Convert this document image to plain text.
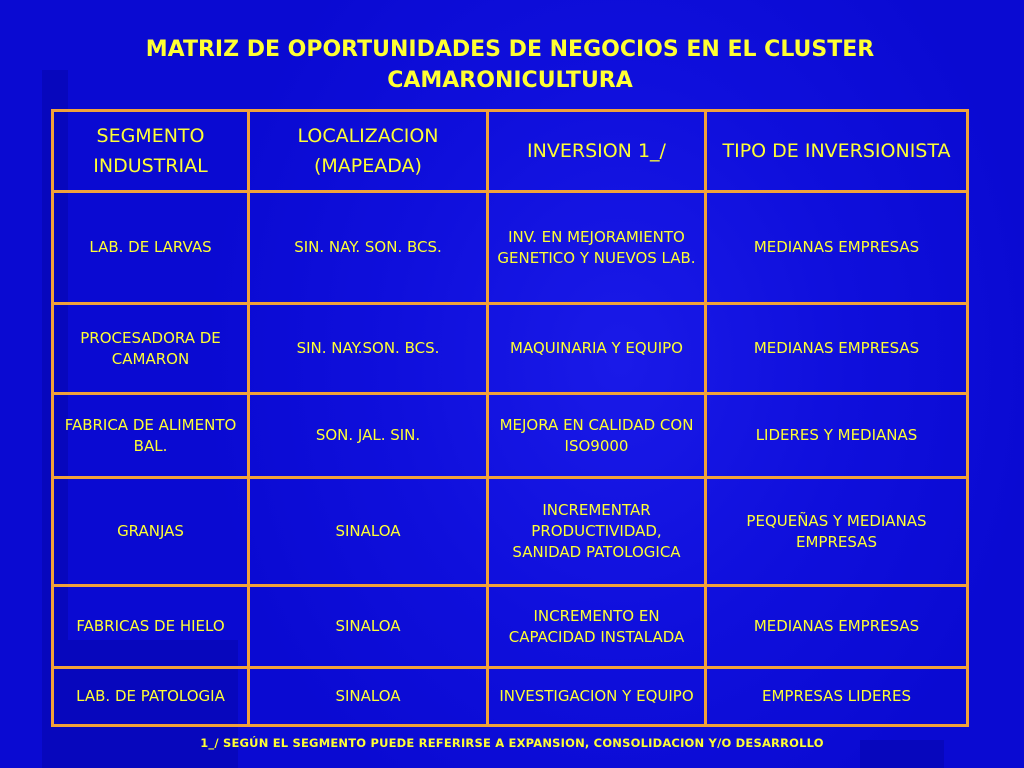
MATRIZ DE OPORTUNIDADES DE NEGOCIOS EN EL CLUSTER CAMARONICULTURA
SEGMENTO INDUSTRIAL	LOCALIZACION (MAPEADA)	INVERSION 1_/	TIPO DE INVERSIONISTA
LAB. DE LARVAS	SIN. NAY. SON. BCS.	INV. EN MEJORAMIENTO GENETICO Y NUEVOS LAB.	MEDIANAS EMPRESAS
PROCESADORA DE CAMARON	SIN. NAY.SON. BCS.	MAQUINARIA Y EQUIPO	MEDIANAS EMPRESAS
FABRICA DE ALIMENTO BAL.	SON. JAL. SIN.	MEJORA EN CALIDAD CON ISO9000	LIDERES Y MEDIANAS
GRANJAS	SINALOA	INCREMENTAR PRODUCTIVIDAD, SANIDAD PATOLOGICA	PEQUEÑAS Y MEDIANAS EMPRESAS
FABRICAS DE HIELO	SINALOA	INCREMENTO EN CAPACIDAD INSTALADA	MEDIANAS EMPRESAS
LAB. DE PATOLOGIA	SINALOA	INVESTIGACION Y EQUIPO	EMPRESAS LIDERES
1_/ SEGÚN EL SEGMENTO PUEDE REFERIRSE A EXPANSION, CONSOLIDACION Y/O DESARROLLO
